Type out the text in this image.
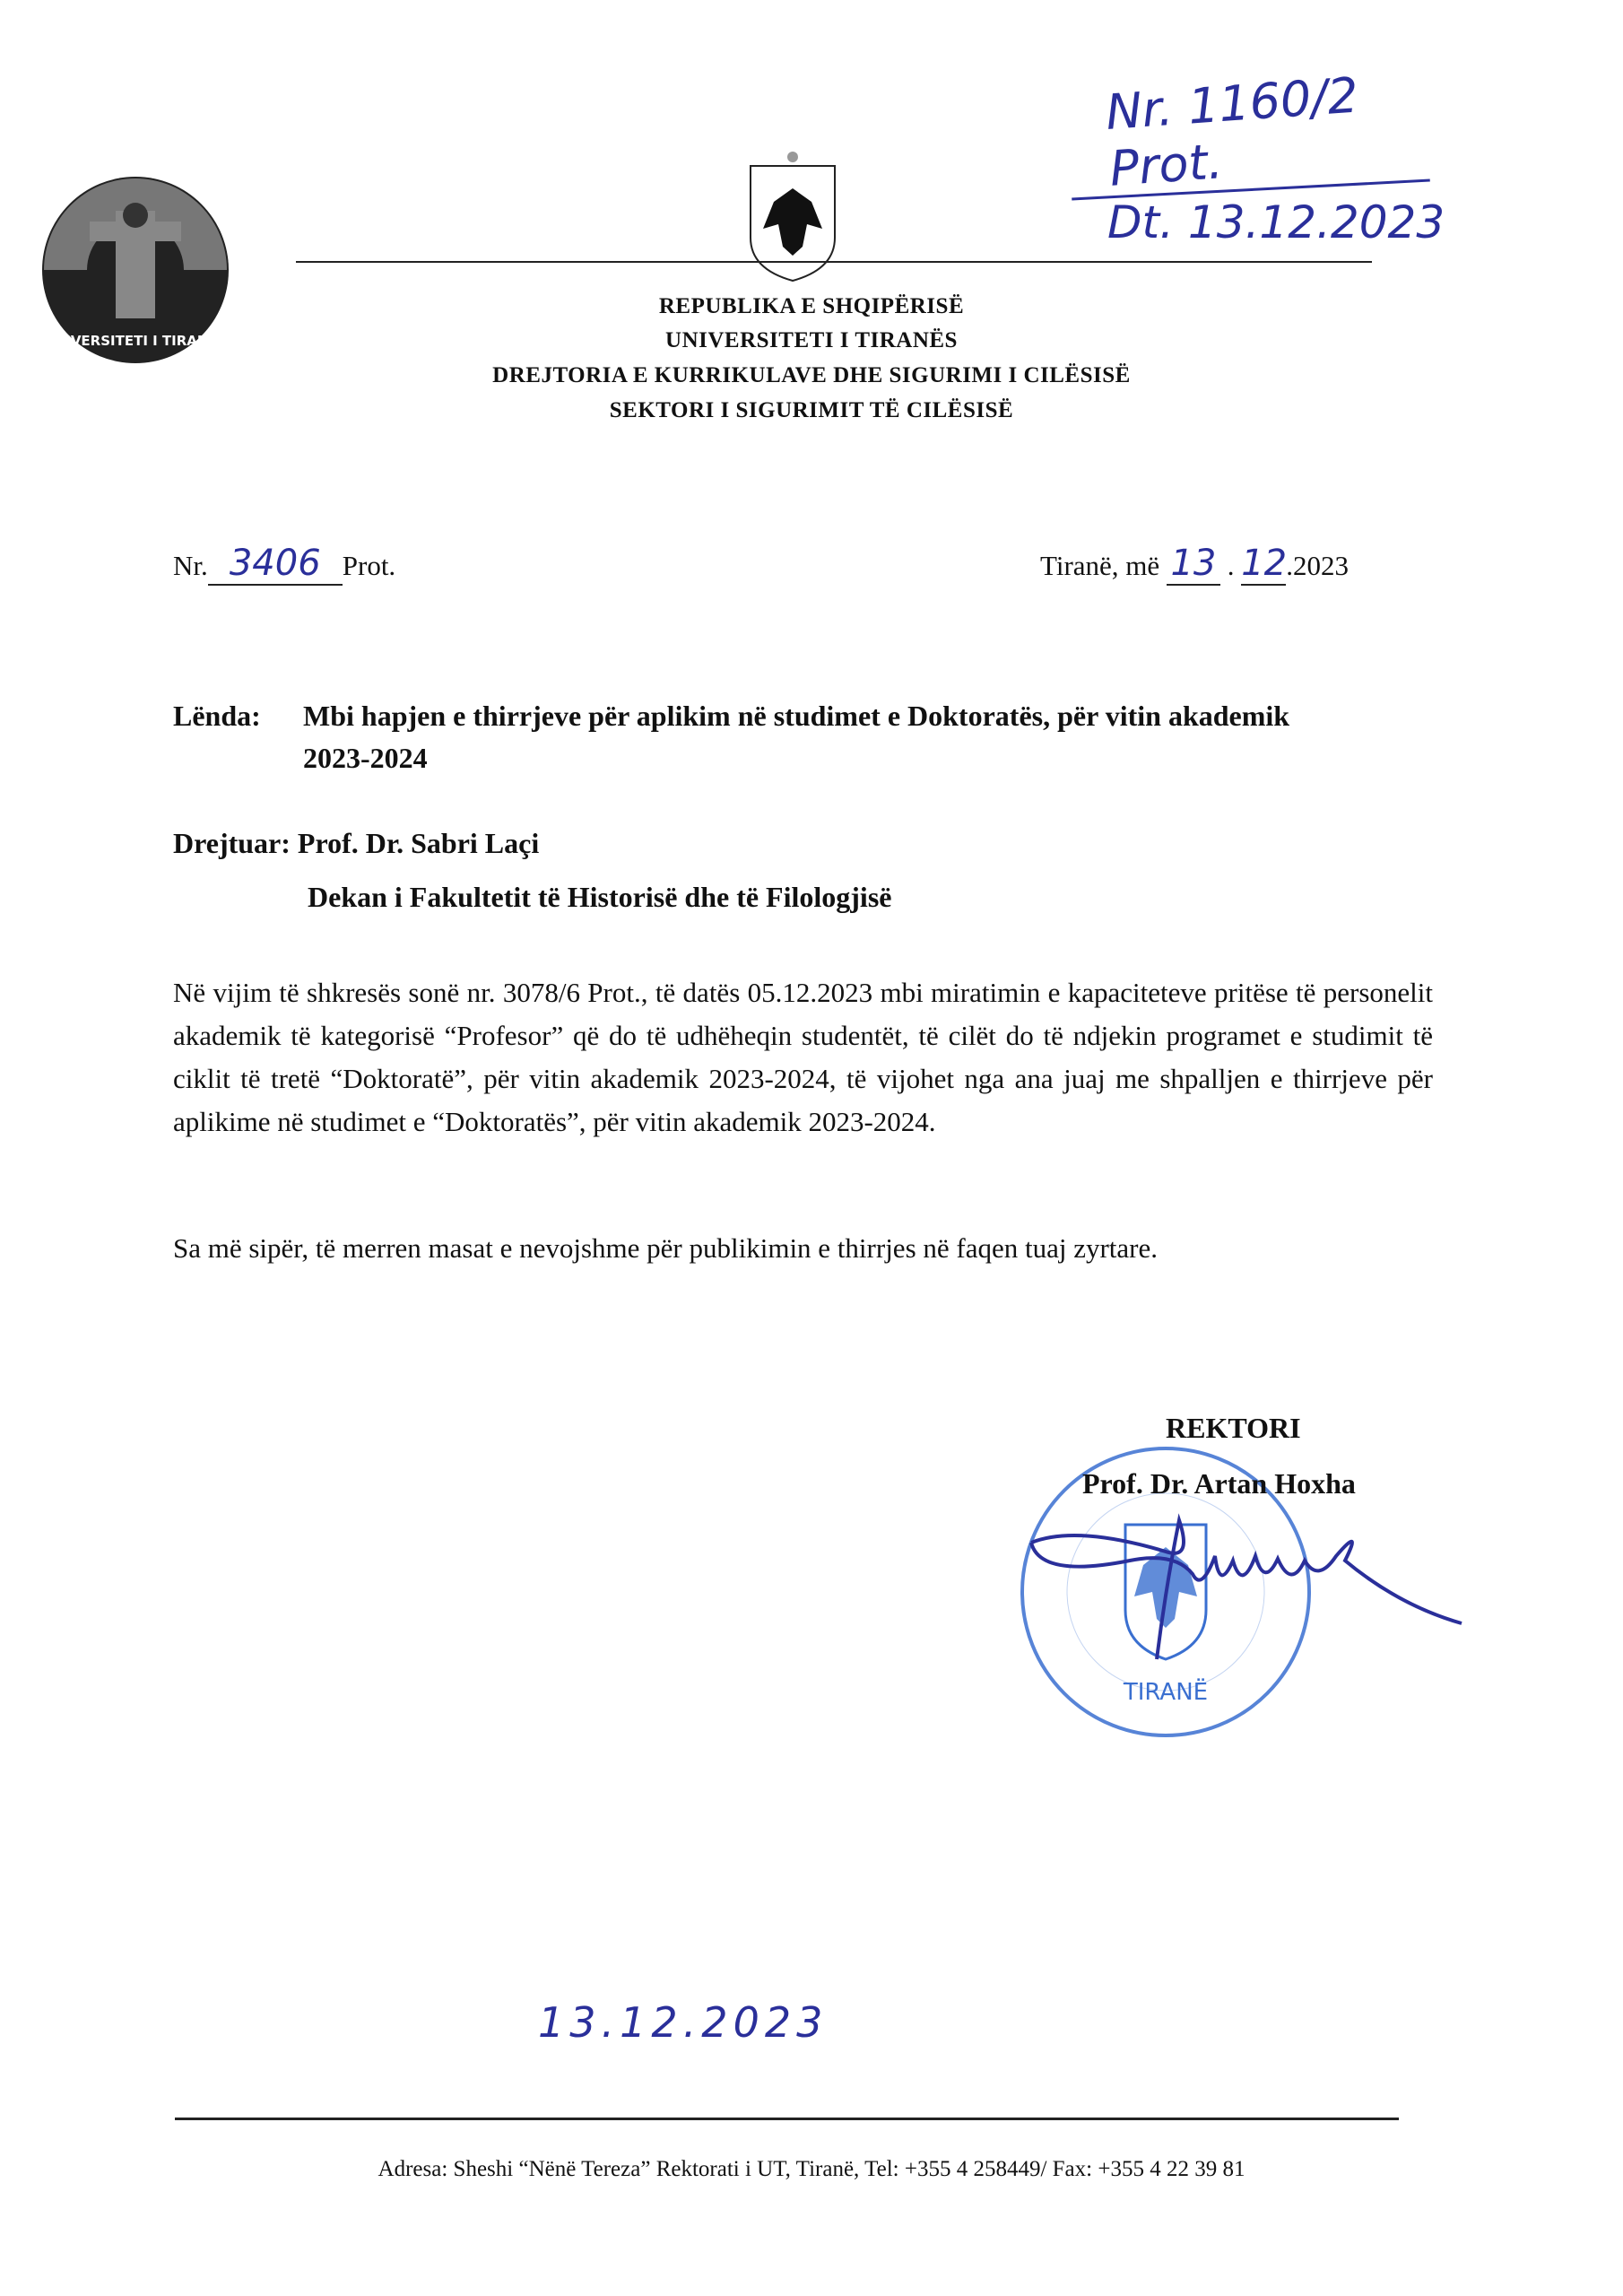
Nr. 1160/2 Prot.
Dt. 13.12.2023
UNIVERSITETI I TIRANËS
REPUBLIKA E SHQIPËRISË
UNIVERSITETI I TIRANËS
DREJTORIA E KURRIKULAVE DHE SIGURIMI I CILËSISË
SEKTORI I SIGURIMIT TË CILËSISË
Nr. 3406 Prot.	Tiranë, më 13 . 12.2023
Lënda: Mbi hapjen e thirrjeve për aplikim në studimet e Doktoratës, për vitin akademik
2023-2024
Drejtuar: Prof. Dr. Sabri Laçi
Dekan i Fakultetit të Historisë dhe të Filologjisë
Në vijim të shkresës sonë nr. 3078/6 Prot., të datës 05.12.2023 mbi miratimin e kapaciteteve pritëse të personelit akademik të kategorisë “Profesor” që do të udhëheqin studentët, të cilët do të ndjekin programet e studimit të ciklit të tretë “Doktoratë”, për vitin akademik 2023-2024, të vijohet nga ana juaj me shpalljen e thirrjeve për aplikime në studimet e “Doktoratës”, për vitin akademik 2023-2024.
Sa më sipër, të merren masat e nevojshme për publikimin e thirrjes në faqen tuaj zyrtare.
TIRANË
REKTORI
Prof. Dr. Artan Hoxha
13.12.2023
Adresa: Sheshi “Nënë Tereza” Rektorati i UT, Tiranë, Tel: +355 4 258449/ Fax: +355 4 22 39 81
